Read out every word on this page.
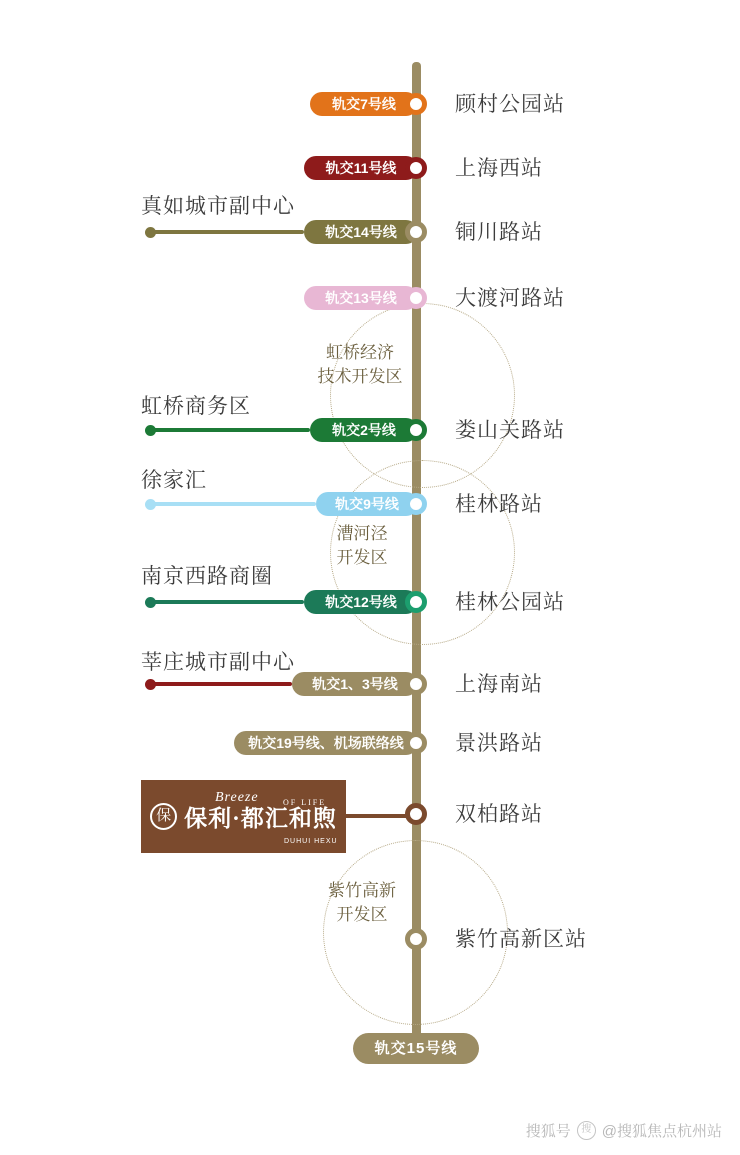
虹桥经济
技术开发区
漕河泾
开发区
紫竹高新
开发区
轨交7号线	顾村公园站
轨交11号线	上海西站
真如城市副中心
轨交14号线	铜川路站
轨交13号线	大渡河路站
虹桥商务区
轨交2号线	娄山关路站
徐家汇
轨交9号线	桂林路站
南京西路商圈
轨交12号线	桂林公园站
莘庄城市副中心
轨交1、3号线	上海南站
轨交19号线、机场联络线	景洪路站
双柏路站
紫竹高新区站
Breeze	OF LIFE
保 保利·都汇和煦
DUHUI HEXU
轨交15号线
搜狐号	搜 @搜狐焦点杭州站
